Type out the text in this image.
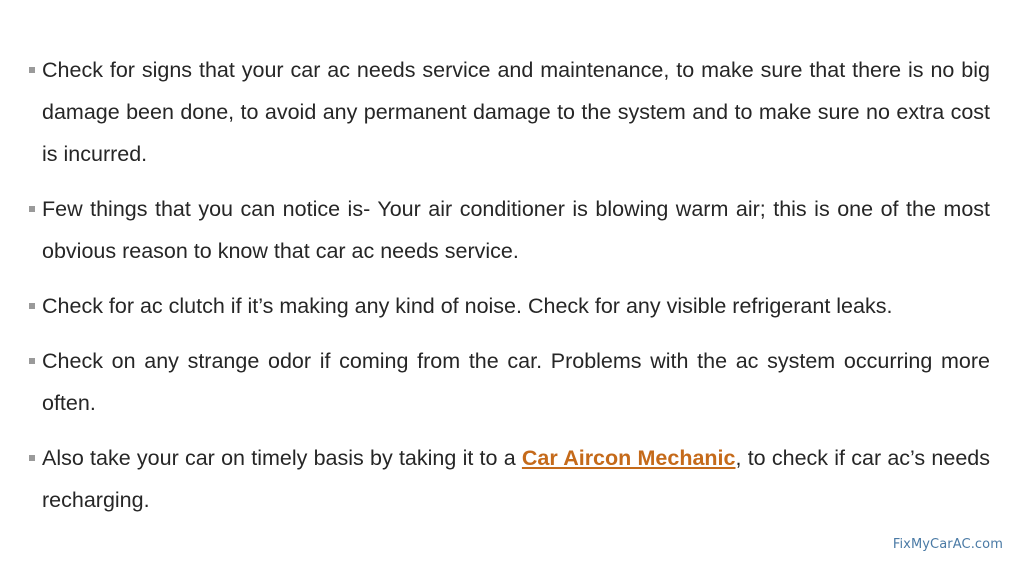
Check for signs that your car ac needs service and maintenance, to make sure that there is no big damage been done, to avoid any permanent damage to the system and to make sure no extra cost is incurred.

Few things that you can notice is- Your air conditioner is blowing warm air; this is one of the most obvious reason to know that car ac needs service.

Check for ac clutch if it’s making any kind of noise. Check for any visible refrigerant leaks.

Check on any strange odor if coming from the car. Problems with the ac system occurring more often.

Also take your car on timely basis by taking it to a Car Aircon Mechanic, to check if car ac’s needs recharging.

FixMyCarAC.com
